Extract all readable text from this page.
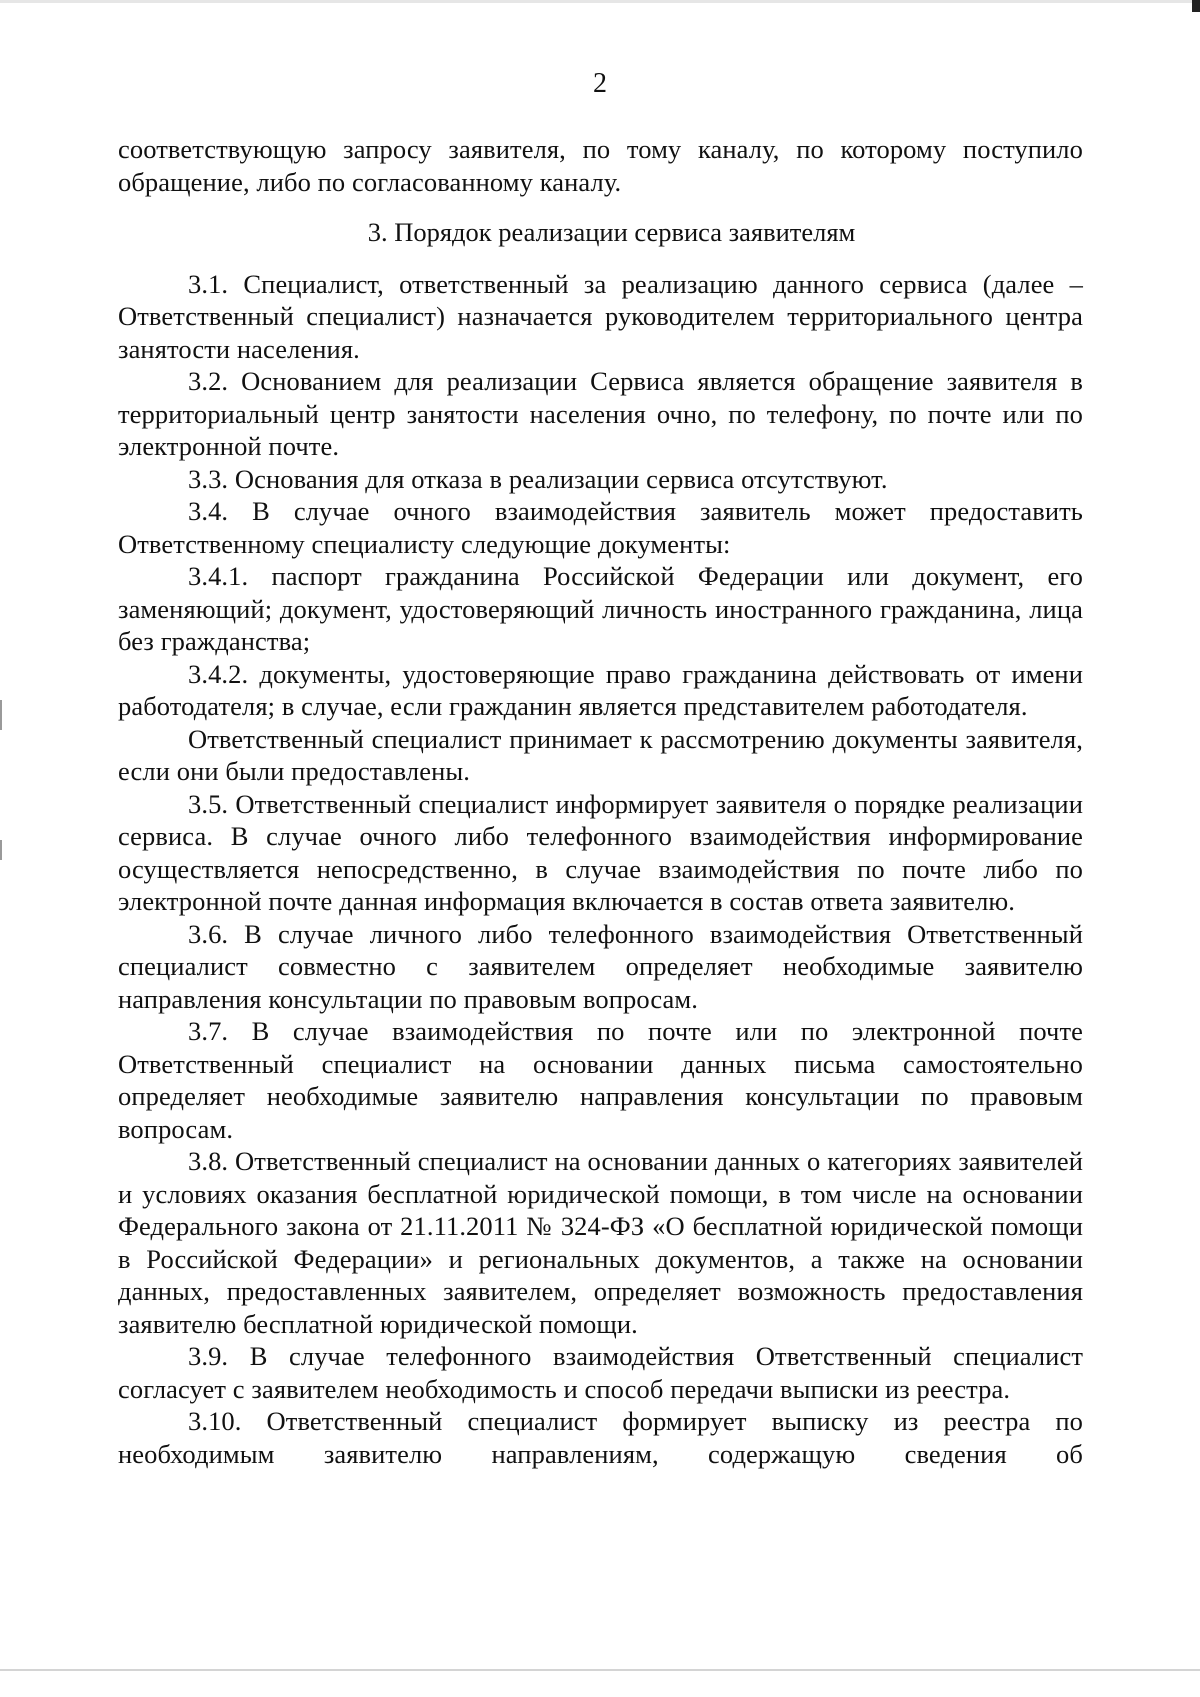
2

соответствующую запросу заявителя, по тому каналу, по которому поступило обращение, либо по согласованному каналу.

3. Порядок реализации сервиса заявителям

3.1. Специалист, ответственный за реализацию данного сервиса (далее – Ответственный специалист) назначается руководителем территориального центра занятости населения.

3.2. Основанием для реализации Сервиса является обращение заявителя в территориальный центр занятости населения очно, по телефону, по почте или по электронной почте.

3.3. Основания для отказа в реализации сервиса отсутствуют.

3.4. В случае очного взаимодействия заявитель может предоставить Ответственному специалисту следующие документы:

3.4.1. паспорт гражданина Российской Федерации или документ, его заменяющий; документ, удостоверяющий личность иностранного гражданина, лица без гражданства;

3.4.2. документы, удостоверяющие право гражданина действовать от имени работодателя; в случае, если гражданин является представителем работодателя.

Ответственный специалист принимает к рассмотрению документы заявителя, если они были предоставлены.

3.5. Ответственный специалист информирует заявителя о порядке реализации сервиса. В случае очного либо телефонного взаимодействия информирование осуществляется непосредственно, в случае взаимодействия по почте либо по электронной почте данная информация включается в состав ответа заявителю.

3.6. В случае личного либо телефонного взаимодействия Ответственный специалист совместно с заявителем определяет необходимые заявителю направления консультации по правовым вопросам.

3.7. В случае взаимодействия по почте или по электронной почте Ответственный специалист на основании данных письма самостоятельно определяет необходимые заявителю направления консультации по правовым вопросам.

3.8. Ответственный специалист на основании данных о категориях заявителей и условиях оказания бесплатной юридической помощи, в том числе на основании Федерального закона от 21.11.2011 № 324-ФЗ «О бесплатной юридической помощи в Российской Федерации» и региональных документов, а также на основании данных, предоставленных заявителем, определяет возможность предоставления заявителю бесплатной юридической помощи.

3.9. В случае телефонного взаимодействия Ответственный специалист согласует с заявителем необходимость и способ передачи выписки из реестра.

3.10. Ответственный специалист формирует выписку из реестра по необходимым заявителю направлениям, содержащую сведения об
